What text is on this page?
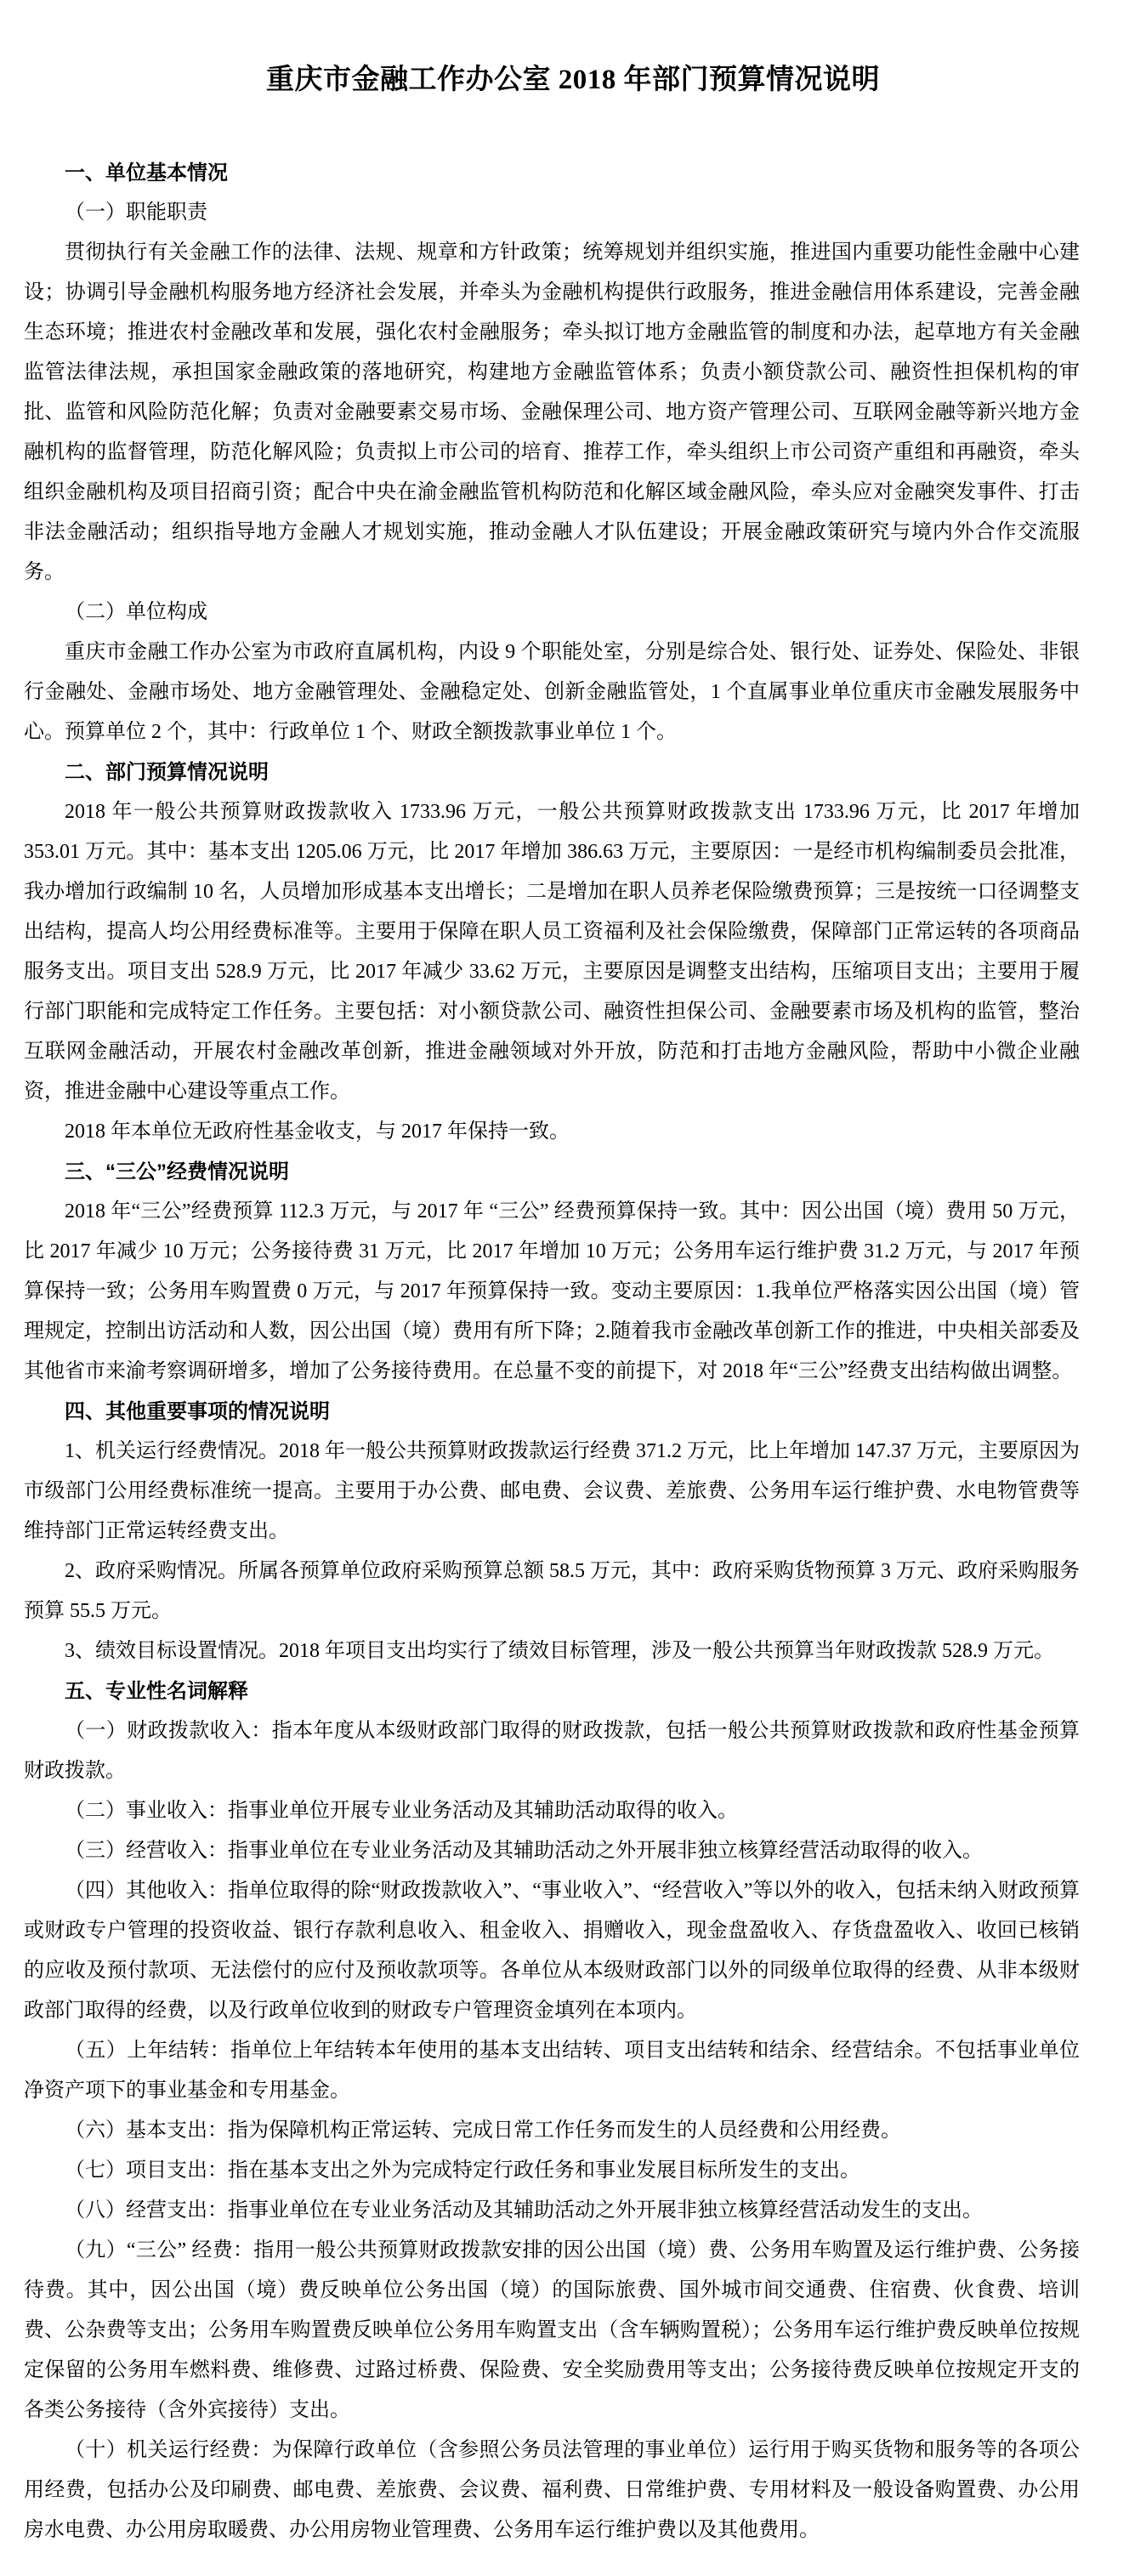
重庆市金融工作办公室 2018 年部门预算情况说明
一、单位基本情况

（一）职能职责

贯彻执行有关金融工作的法律、法规、规章和方针政策；统筹规划并组织实施，推进国内重要功能性金融中心建设；协调引导金融机构服务地方经济社会发展，并牵头为金融机构提供行政服务，推进金融信用体系建设，完善金融生态环境；推进农村金融改革和发展，强化农村金融服务；牵头拟订地方金融监管的制度和办法，起草地方有关金融监管法律法规，承担国家金融政策的落地研究，构建地方金融监管体系；负责小额贷款公司、融资性担保机构的审批、监管和风险防范化解；负责对金融要素交易市场、金融保理公司、地方资产管理公司、互联网金融等新兴地方金融机构的监督管理，防范化解风险；负责拟上市公司的培育、推荐工作，牵头组织上市公司资产重组和再融资，牵头组织金融机构及项目招商引资；配合中央在渝金融监管机构防范和化解区域金融风险，牵头应对金融突发事件、打击非法金融活动；组织指导地方金融人才规划实施，推动金融人才队伍建设；开展金融政策研究与境内外合作交流服务。

（二）单位构成

重庆市金融工作办公室为市政府直属机构，内设 9 个职能处室，分别是综合处、银行处、证券处、保险处、非银行金融处、金融市场处、地方金融管理处、金融稳定处、创新金融监管处，1 个直属事业单位重庆市金融发展服务中心。预算单位 2 个，其中：行政单位 1 个、财政全额拨款事业单位 1 个。

二、部门预算情况说明

2018 年一般公共预算财政拨款收入 1733.96 万元，一般公共预算财政拨款支出 1733.96 万元，比 2017 年增加 353.01 万元。其中：基本支出 1205.06 万元，比 2017 年增加 386.63 万元，主要原因：一是经市机构编制委员会批准，我办增加行政编制 10 名，人员增加形成基本支出增长；二是增加在职人员养老保险缴费预算；三是按统一口径调整支出结构，提高人均公用经费标准等。主要用于保障在职人员工资福利及社会保险缴费，保障部门正常运转的各项商品服务支出。项目支出 528.9 万元，比 2017 年减少 33.62 万元，主要原因是调整支出结构，压缩项目支出；主要用于履行部门职能和完成特定工作任务。主要包括：对小额贷款公司、融资性担保公司、金融要素市场及机构的监管，整治互联网金融活动，开展农村金融改革创新，推进金融领域对外开放，防范和打击地方金融风险，帮助中小微企业融资，推进金融中心建设等重点工作。

2018 年本单位无政府性基金收支，与 2017 年保持一致。

三、“三公”经费情况说明

2018 年“三公”经费预算 112.3 万元，与 2017 年 “三公” 经费预算保持一致。其中：因公出国（境）费用 50 万元，比 2017 年减少 10 万元；公务接待费 31 万元，比 2017 年增加 10 万元；公务用车运行维护费 31.2 万元，与 2017 年预算保持一致；公务用车购置费 0 万元，与 2017 年预算保持一致。变动主要原因：1.我单位严格落实因公出国（境）管理规定，控制出访活动和人数，因公出国（境）费用有所下降；2.随着我市金融改革创新工作的推进，中央相关部委及其他省市来渝考察调研增多，增加了公务接待费用。在总量不变的前提下，对 2018 年“三公”经费支出结构做出调整。

四、其他重要事项的情况说明

1、机关运行经费情况。2018 年一般公共预算财政拨款运行经费 371.2 万元，比上年增加 147.37 万元，主要原因为市级部门公用经费标准统一提高。主要用于办公费、邮电费、会议费、差旅费、公务用车运行维护费、水电物管费等维持部门正常运转经费支出。

2、政府采购情况。所属各预算单位政府采购预算总额 58.5 万元，其中：政府采购货物预算 3 万元、政府采购服务预算 55.5 万元。

3、绩效目标设置情况。2018 年项目支出均实行了绩效目标管理，涉及一般公共预算当年财政拨款 528.9 万元。

五、专业性名词解释

（一）财政拨款收入：指本年度从本级财政部门取得的财政拨款，包括一般公共预算财政拨款和政府性基金预算财政拨款。

（二）事业收入：指事业单位开展专业业务活动及其辅助活动取得的收入。

（三）经营收入：指事业单位在专业业务活动及其辅助活动之外开展非独立核算经营活动取得的收入。

（四）其他收入：指单位取得的除“财政拨款收入”、“事业收入”、“经营收入”等以外的收入，包括未纳入财政预算或财政专户管理的投资收益、银行存款利息收入、租金收入、捐赠收入，现金盘盈收入、存货盘盈收入、收回已核销的应收及预付款项、无法偿付的应付及预收款项等。各单位从本级财政部门以外的同级单位取得的经费、从非本级财政部门取得的经费，以及行政单位收到的财政专户管理资金填列在本项内。

（五）上年结转：指单位上年结转本年使用的基本支出结转、项目支出结转和结余、经营结余。不包括事业单位净资产项下的事业基金和专用基金。

（六）基本支出：指为保障机构正常运转、完成日常工作任务而发生的人员经费和公用经费。

（七）项目支出：指在基本支出之外为完成特定行政任务和事业发展目标所发生的支出。

（八）经营支出：指事业单位在专业业务活动及其辅助活动之外开展非独立核算经营活动发生的支出。

（九）“三公” 经费：指用一般公共预算财政拨款安排的因公出国（境）费、公务用车购置及运行维护费、公务接待费。其中，因公出国（境）费反映单位公务出国（境）的国际旅费、国外城市间交通费、住宿费、伙食费、培训费、公杂费等支出；公务用车购置费反映单位公务用车购置支出（含车辆购置税）；公务用车运行维护费反映单位按规定保留的公务用车燃料费、维修费、过路过桥费、保险费、安全奖励费用等支出；公务接待费反映单位按规定开支的各类公务接待（含外宾接待）支出。

（十）机关运行经费：为保障行政单位（含参照公务员法管理的事业单位）运行用于购买货物和服务等的各项公用经费，包括办公及印刷费、邮电费、差旅费、会议费、福利费、日常维护费、专用材料及一般设备购置费、办公用房水电费、办公用房取暖费、办公用房物业管理费、公务用车运行维护费以及其他费用。
